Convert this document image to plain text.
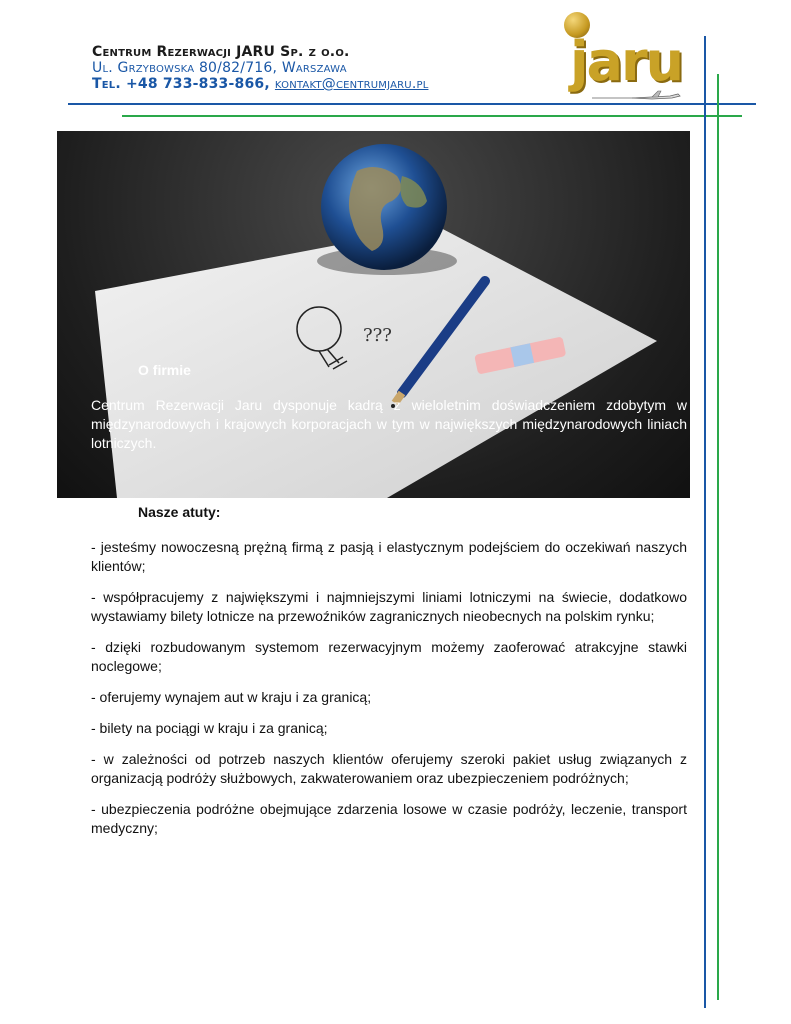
Centrum Rezerwacji JARU Sp. z o.o.
Ul. Grzybowska 80/82/716, Warszawa
Tel. +48 733-833-866, kontakt@centrumjaru.pl	jaru
???
O firmie
Centrum Rezerwacji Jaru dysponuje kadrą z wieloletnim doświadczeniem zdobytym w międzynarodowych i krajowych korporacjach w tym w największych międzynarodowych liniach lotniczych.
Nasze atuty:
- jesteśmy nowoczesną prężną firmą z pasją i elastycznym podejściem do oczekiwań naszych klientów;
- współpracujemy z największymi i najmniejszymi liniami lotniczymi na świecie, dodatkowo wystawiamy bilety lotnicze na przewoźników zagranicznych nieobecnych na polskim rynku;
- dzięki rozbudowanym systemom rezerwacyjnym możemy zaoferować atrakcyjne stawki noclegowe;
- oferujemy wynajem aut w kraju i za granicą;
- bilety na pociągi w kraju i za granicą;
- w zależności od potrzeb naszych klientów oferujemy szeroki pakiet usług związanych z organizacją podróży służbowych, zakwaterowaniem oraz ubezpieczeniem podróżnych;
- ubezpieczenia podróżne obejmujące zdarzenia losowe w czasie podróży, leczenie, transport medyczny;
